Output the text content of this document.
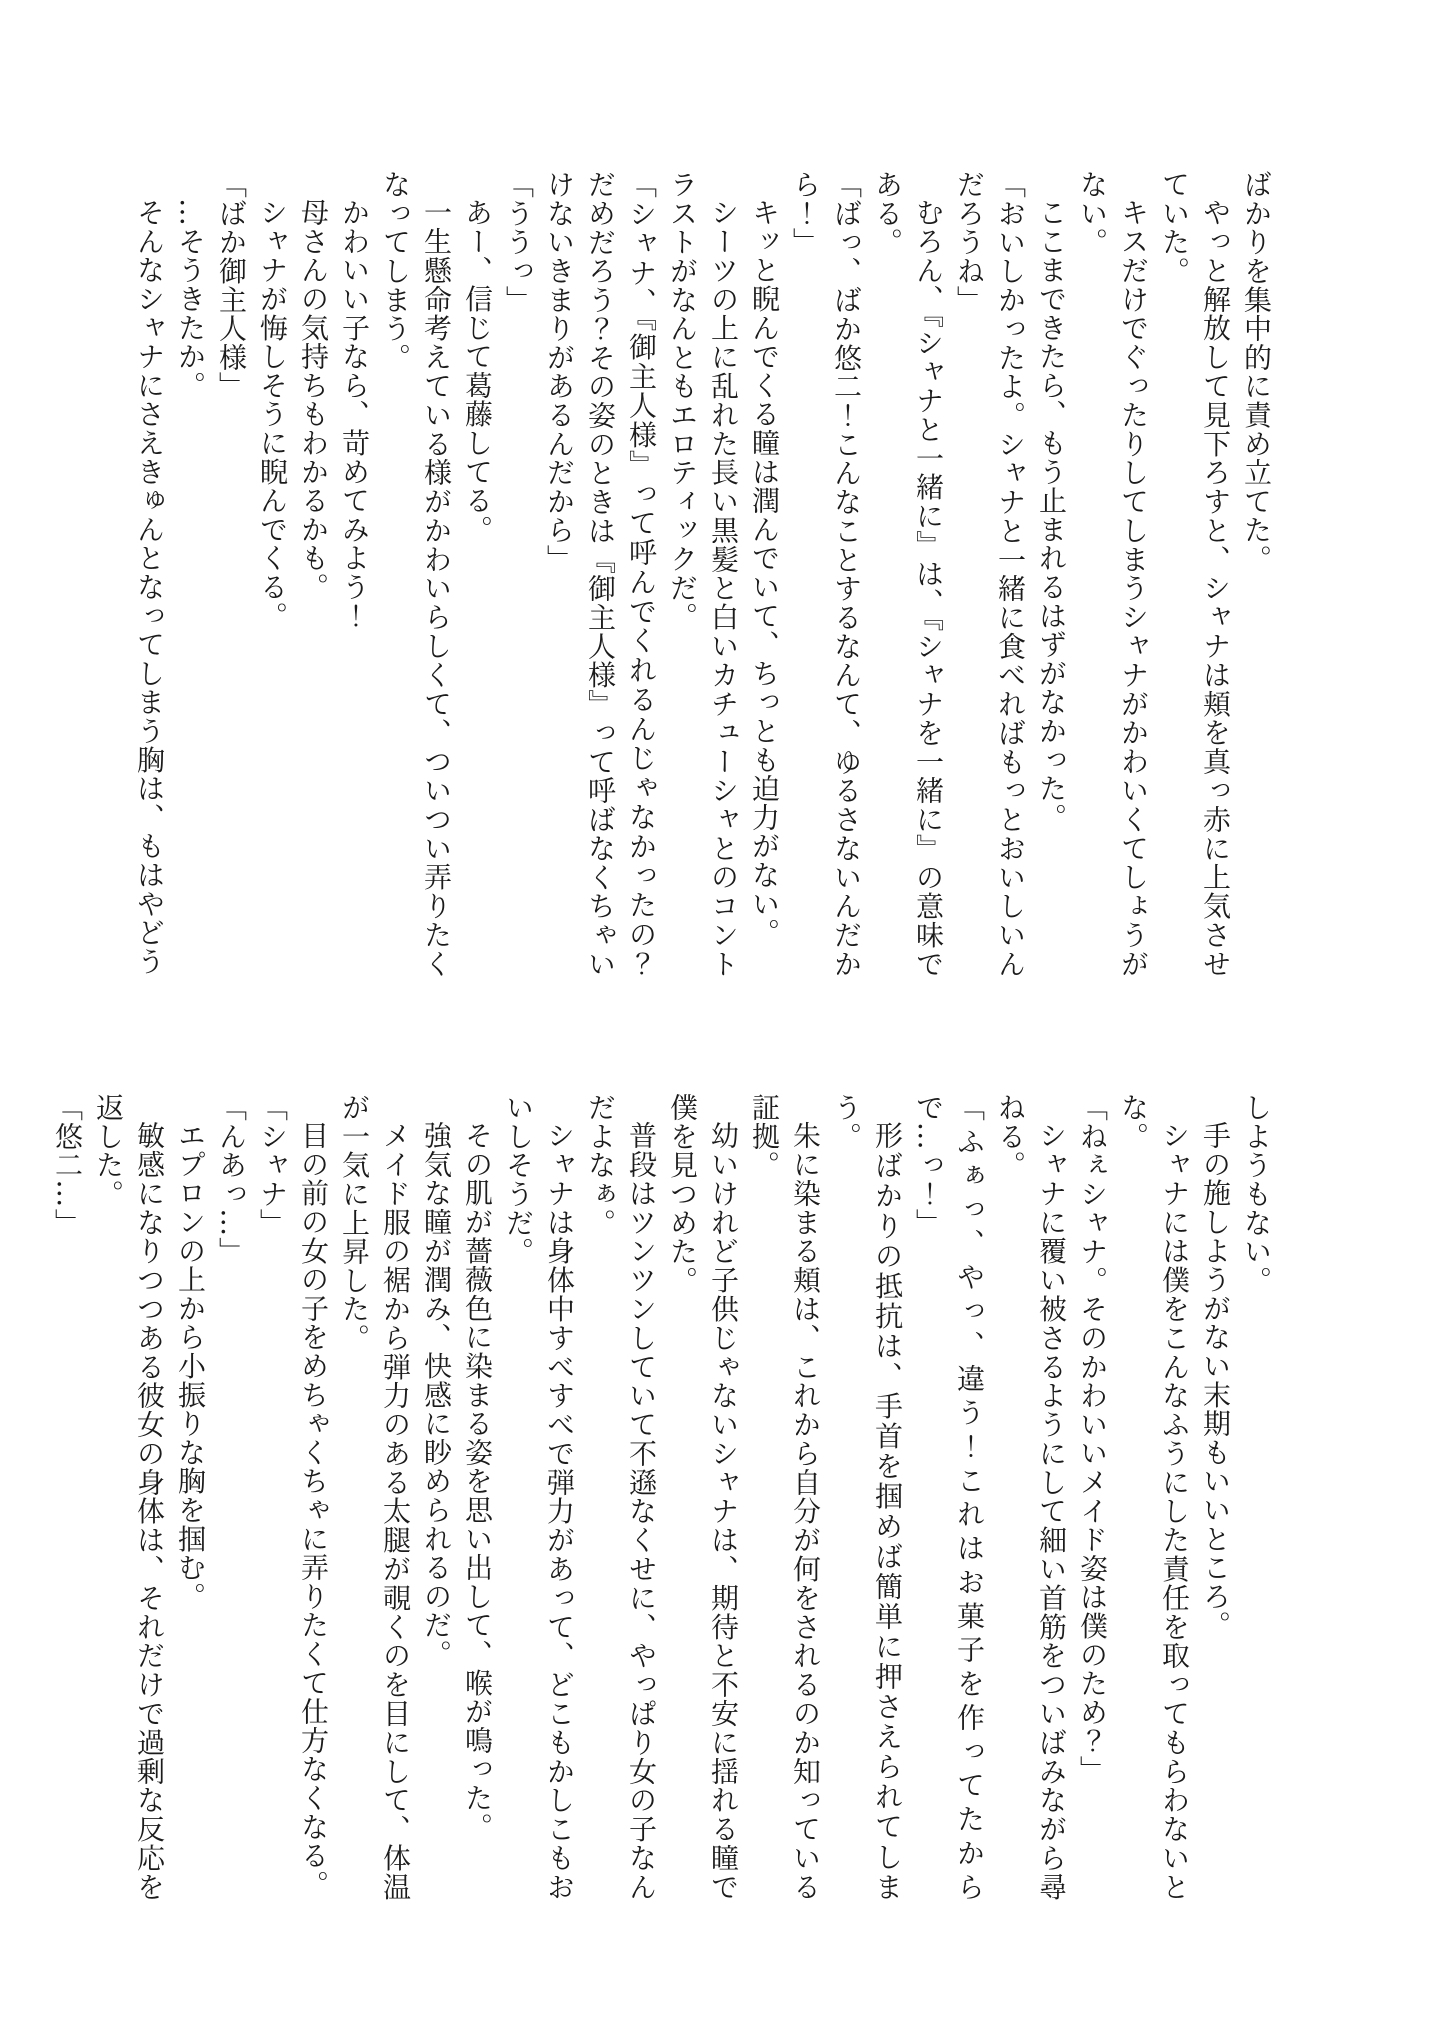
ばかりを集中的に責め立てた。

やっと解放して見下ろすと、シャナは頬を真っ赤に上気させていた。

キスだけでぐったりしてしまうシャナがかわいくてしょうがない。

ここまできたら、もう止まれるはずがなかった。

「おいしかったよ。シャナと一緒に食べればもっとおいしいんだろうね」

むろん、『シャナと一緒に』は、『シャナを一緒に』の意味である。

「ばっ、ばか悠二！こんなことするなんて、ゆるさないんだから！」

キッと睨んでくる瞳は潤んでいて、ちっとも迫力がない。

シーツの上に乱れた長い黒髪と白いカチューシャとのコントラストがなんともエロティックだ。

「シャナ、『御主人様』って呼んでくれるんじゃなかったの？だめだろう？その姿のときは『御主人様』って呼ばなくちゃいけないきまりがあるんだから」

「ううっ」

あー、信じて葛藤してる。

一生懸命考えている様がかわいらしくて、ついつい弄りたくなってしまう。

かわいい子なら、苛めてみよう！

母さんの気持ちもわかるかも。

シャナが悔しそうに睨んでくる。

「ばか御主人様」

…そうきたか。

そんなシャナにさえきゅんとなってしまう胸は、もはやどう

しようもない。

手の施しようがない末期もいいところ。

シャナには僕をこんなふうにした責任を取ってもらわないとな。

「ねぇシャナ。そのかわいいメイド姿は僕のため？」

シャナに覆い被さるようにして細い首筋をついばみながら尋ねる。

「ふぁっ、やっ、違う！これはお菓子を作ってたからで…っ！」

形ばかりの抵抗は、手首を掴めば簡単に押さえられてしまう。

朱に染まる頬は、これから自分が何をされるのか知っている証拠。

幼いけれど子供じゃないシャナは、期待と不安に揺れる瞳で僕を見つめた。

普段はツンツンしていて不遜なくせに、やっぱり女の子なんだよなぁ。

シャナは身体中すべすべで弾力があって、どこもかしこもおいしそうだ。

その肌が薔薇色に染まる姿を思い出して、喉が鳴った。

強気な瞳が潤み、快感に眇められるのだ。

メイド服の裾から弾力のある太腿が覗くのを目にして、体温が一気に上昇した。

目の前の女の子をめちゃくちゃに弄りたくて仕方なくなる。

「シャナ」

「んあっ…」

エプロンの上から小振りな胸を掴む。

敏感になりつつある彼女の身体は、それだけで過剰な反応を返した。

「悠二…」
